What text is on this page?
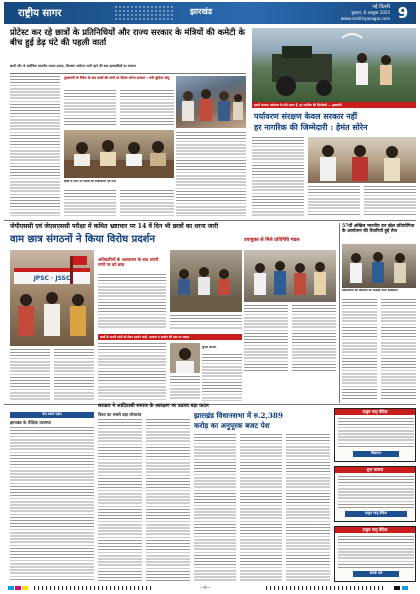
राष्ट्रीय सागर	झारखंड	नई दिल्ली
बुधवार, 8 अक्टूबर 2025
www.rashtriyasagar.com 9
प्रोटेस्ट कर रहे छात्रों के प्रतिनिधियों और राज्य सरकार के मंत्रियों की कमेटी के बीच हुई डेढ़ घंटे की पहली वार्ता
छात्रों और जे सर्वाधिक बातचीत सफल प्रयास, किसका अंदोलन जारी रहने की बात झारखंडियों का संकल्प
मुख्यमंत्री के निर्देश के बाद छात्रों की मांगों पर विचार करेगा सरकार : मंत्री सुदिव्य सोनू
छात्रों के धरने पर विरोध की स्पष्टीकरण देते मंत्री
हमारी सरकार पर्यावरण के प्रति सजग है, हर नागरिक की जिम्मेदारी — मुख्यमंत्री
पर्यावरण संरक्षण केवल सरकार नहीं
हर नागरिक की जिम्मेदारी : हेमंत सोरेन
जेपीएससी एवं जेएसएससी परीक्षा में कथित भ्रष्टाचार पर 14 वें दिन भी छात्रों का धरना जारी
वाम छात्र संगठनों ने किया विरोध प्रदर्शन	उपायुक्त से मिले प्रतिनिधि मंडल
JPSC ∙ JSSC
अधिकारियों के आश्वासन के बाद अपनी मांगों पर डटे छात्र
छात्रों के अपनी मांगों को लेकर प्रदर्शन जारी, सरकार व आयोग की मंशा पर सवाल
चुनाव आयोग
57वीं अखिल भारतीय वन खेल प्रतियोगिता के आयोजन की तैयारियों हुई तेज
प्रतियोगिता की तैयारियों की समीक्षा करते अधिकारी
सरकार ने आदिवासी समाज के आरक्षण पर उठाया बड़ा कदम
देश प्रथम पहल
झारखंड के शैक्षिक व्यवस्था
विश्व का सबसे बड़ा लोकतंत्र	झारखंड विधानसभा में रु.2,389
करोड़ का अनुपूरक बजट पेश
ठाकुर मातृ वैदिक
विज्ञापन
शुभ कामना
ठाकुर मातृ वैदिक
ठाकुर मातृ वैदिक
संपर्क करें
—9—
